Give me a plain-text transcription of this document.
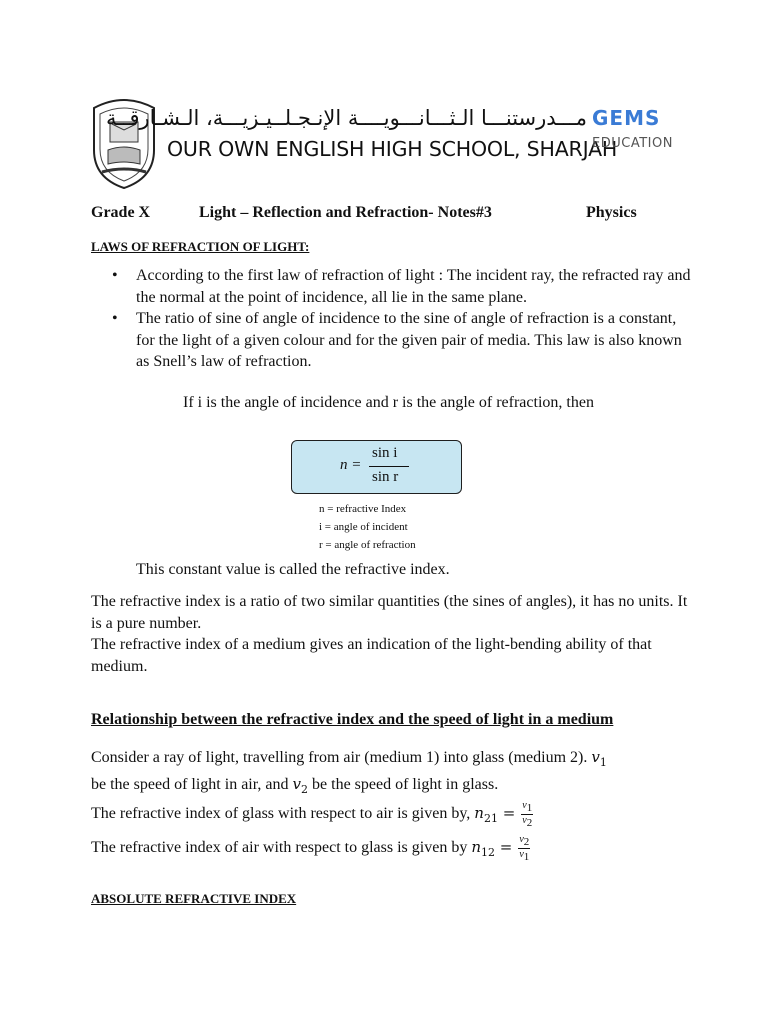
مـــدرستنـــا الـثـــانـــويــــة الإنـجـلــيـزيـــة، الـشـارقــة
OUR OWN ENGLISH HIGH SCHOOL, SHARJAH
GEMS
EDUCATION
Grade X	Light – Reflection and Refraction- Notes#3	Physics
LAWS OF REFRACTION OF LIGHT:
• According to the first law of refraction of light : The incident ray, the refracted ray and the normal at the point of incidence, all lie in the same plane.
• The ratio of sine of angle of incidence to the sine of angle of refraction is a constant, for the light of a given colour and for the given pair of media. This law is also known as Snell’s law of refraction.
If i is the angle of incidence and r is the angle of refraction, then
n =
sin i
sin r
n = refractive Index
i = angle of incident
r = angle of refraction

This constant value is called the refractive index.

The refractive index is a ratio of two similar quantities (the sines of angles), it has no units. It is a pure number.

The refractive index of a medium gives an indication of the light-bending ability of that medium.

Relationship between the refractive index and the speed of light in a medium

Consider a ray of light, travelling from air (medium 1) into glass (medium 2). $v_1$

be the speed of light in air, and $v_2$ be the speed of light in glass.

The refractive index of glass with respect to air is given by, $n_{21} = \frac{v_1}{v_2}$

The refractive index of air with respect to glass is given by $n_{12} = \frac{v_2}{v_1}$

ABSOLUTE REFRACTIVE INDEX
